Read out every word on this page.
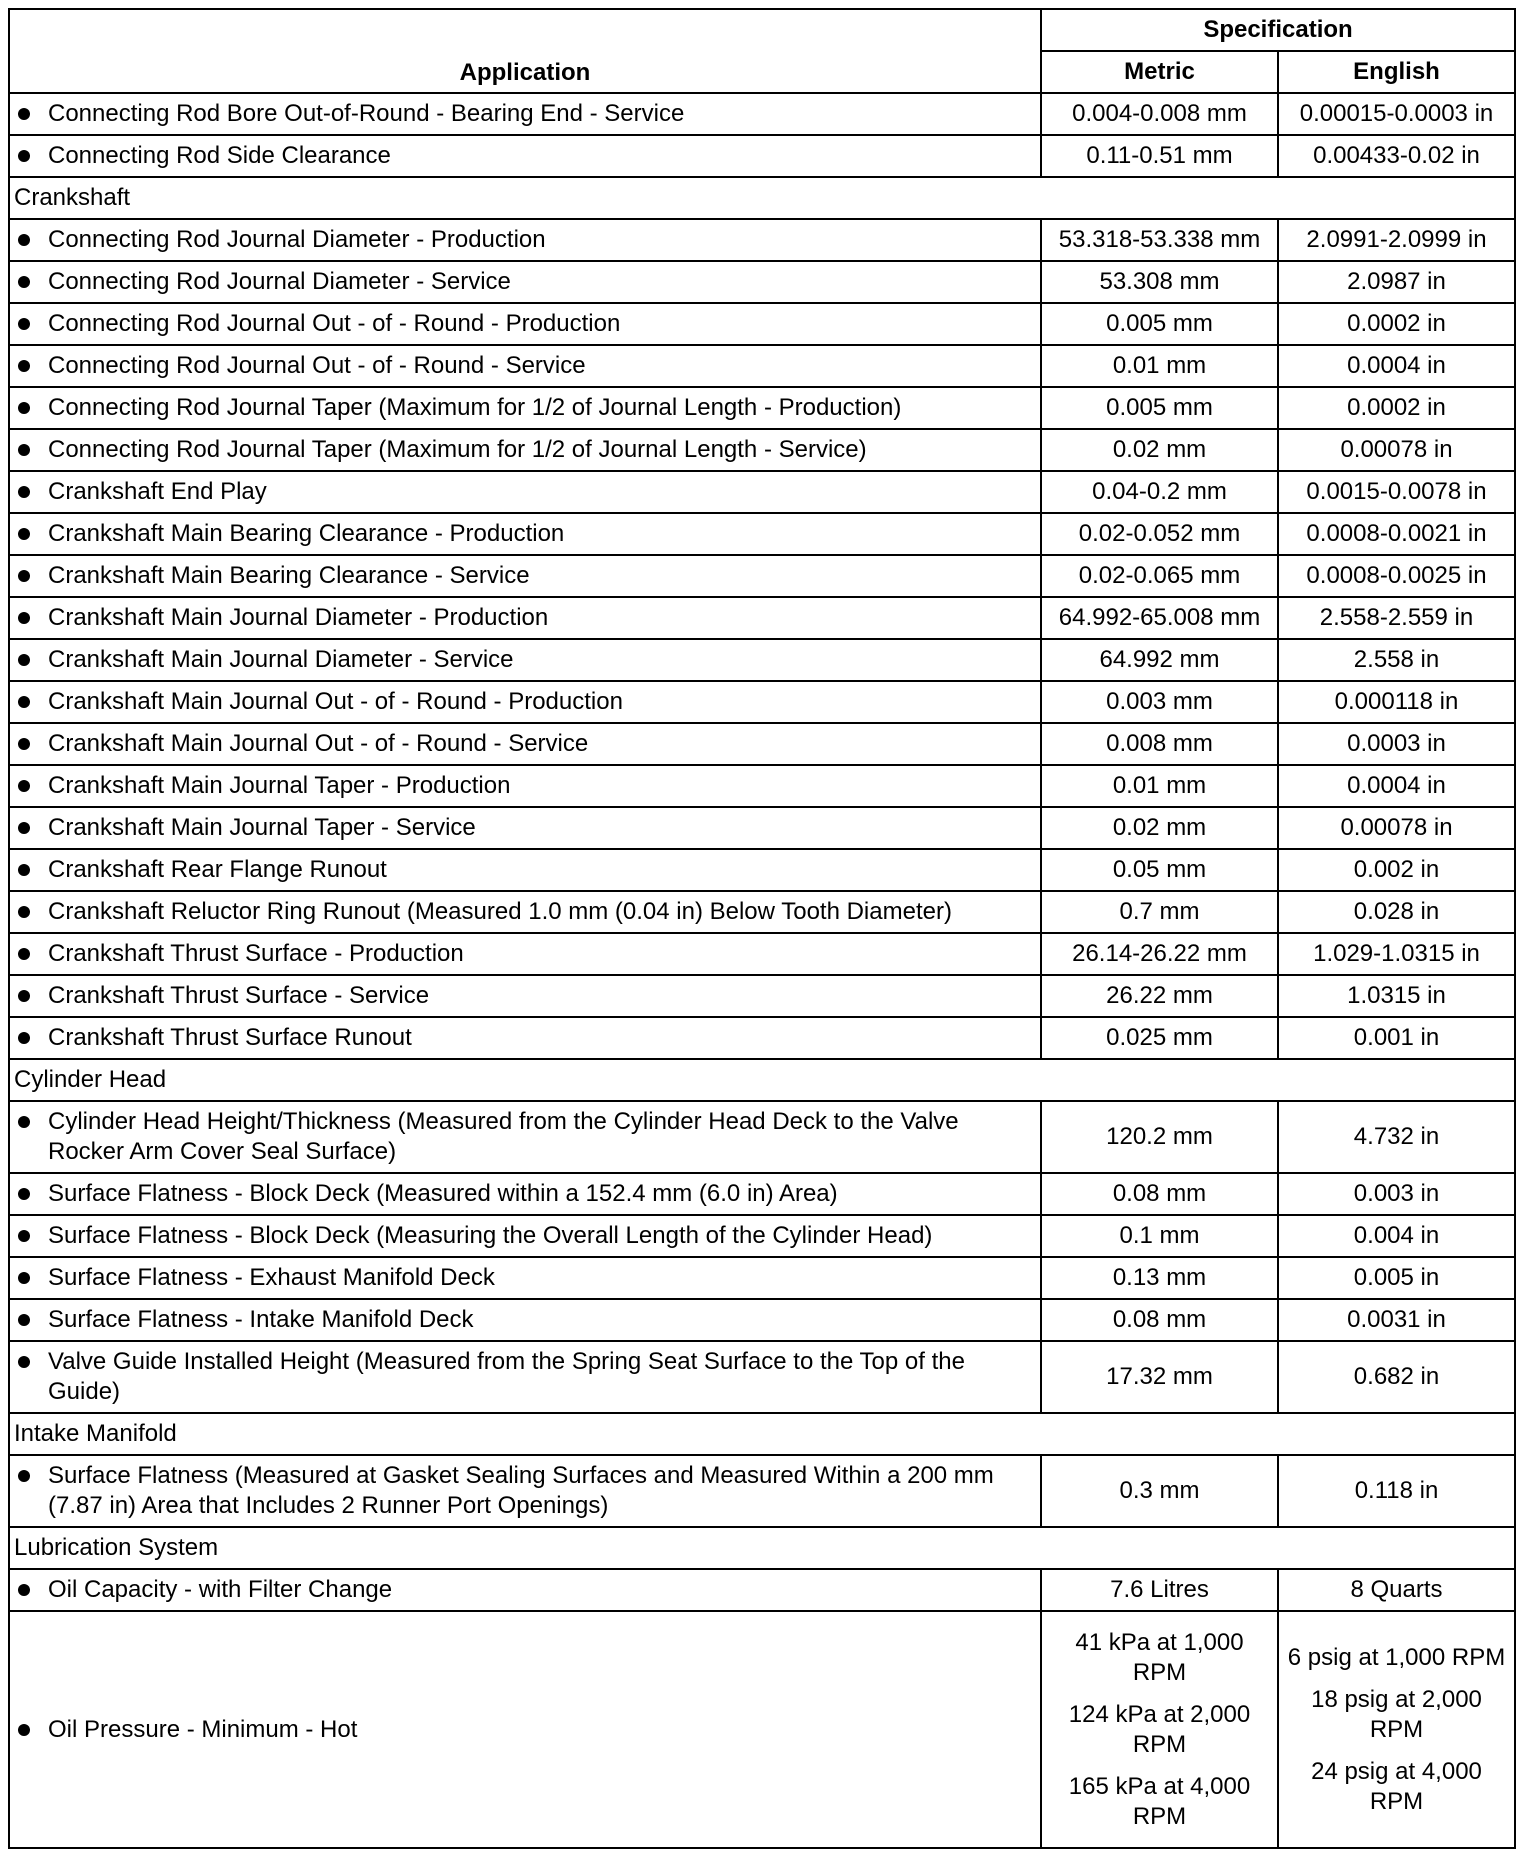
Application	Specification	
	Metric	English

Connecting Rod Bore Out-of-Round - Bearing End - Service	0.004-0.008 mm	0.00015-0.0003 in

Connecting Rod Side Clearance	0.11-0.51 mm	0.00433-0.02 in
Crankshaft		

Connecting Rod Journal Diameter - Production	53.318-53.338 mm	2.0991-2.0999 in

Connecting Rod Journal Diameter - Service	53.308 mm	2.0987 in

Connecting Rod Journal Out - of - Round - Production	0.005 mm	0.0002 in

Connecting Rod Journal Out - of - Round - Service	0.01 mm	0.0004 in

Connecting Rod Journal Taper (Maximum for 1/2 of Journal Length - Production)	0.005 mm	0.0002 in

Connecting Rod Journal Taper (Maximum for 1/2 of Journal Length - Service)	0.02 mm	0.00078 in

Crankshaft End Play	0.04-0.2 mm	0.0015-0.0078 in

Crankshaft Main Bearing Clearance - Production	0.02-0.052 mm	0.0008-0.0021 in

Crankshaft Main Bearing Clearance - Service	0.02-0.065 mm	0.0008-0.0025 in

Crankshaft Main Journal Diameter - Production	64.992-65.008 mm	2.558-2.559 in

Crankshaft Main Journal Diameter - Service	64.992 mm	2.558 in

Crankshaft Main Journal Out - of - Round - Production	0.003 mm	0.000118 in

Crankshaft Main Journal Out - of - Round - Service	0.008 mm	0.0003 in

Crankshaft Main Journal Taper - Production	0.01 mm	0.0004 in

Crankshaft Main Journal Taper - Service	0.02 mm	0.00078 in

Crankshaft Rear Flange Runout	0.05 mm	0.002 in

Crankshaft Reluctor Ring Runout (Measured 1.0 mm (0.04 in) Below Tooth Diameter)	0.7 mm	0.028 in

Crankshaft Thrust Surface - Production	26.14-26.22 mm	1.029-1.0315 in

Crankshaft Thrust Surface - Service	26.22 mm	1.0315 in

Crankshaft Thrust Surface Runout	0.025 mm	0.001 in
Cylinder Head		

Cylinder Head Height/Thickness (Measured from the Cylinder Head Deck to the Valve Rocker Arm Cover Seal Surface)	120.2 mm	4.732 in

Surface Flatness - Block Deck (Measured within a 152.4 mm (6.0 in) Area)	0.08 mm	0.003 in

Surface Flatness - Block Deck (Measuring the Overall Length of the Cylinder Head)	0.1 mm	0.004 in

Surface Flatness - Exhaust Manifold Deck	0.13 mm	0.005 in

Surface Flatness - Intake Manifold Deck	0.08 mm	0.0031 in

Valve Guide Installed Height (Measured from the Spring Seat Surface to the Top of the Guide)	17.32 mm	0.682 in
Intake Manifold		

Surface Flatness (Measured at Gasket Sealing Surfaces and Measured Within a 200 mm (7.87 in) Area that Includes 2 Runner Port Openings)	0.3 mm	0.118 in
Lubrication System		

Oil Capacity - with Filter Change	7.6 Litres	8 Quarts

Oil Pressure - Minimum - Hot	41 kPa at 1,000 RPM
124 kPa at 2,000 RPM
165 kPa at 4,000 RPM	6 psig at 1,000 RPM
18 psig at 2,000 RPM
24 psig at 4,000 RPM
